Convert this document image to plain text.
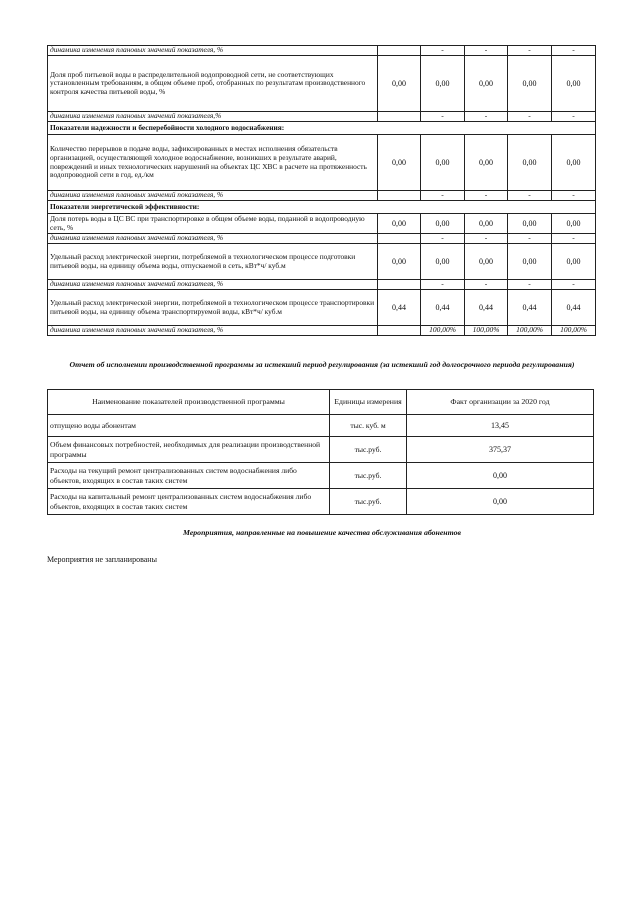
динамика изменения плановых значений показателя, %		-	-	-	-
Доля проб питьевой воды в распределительной водопроводной сети, не соответствующих установленным требованиям, в общем объеме проб, отобранных по результатам производственного контроля качества питьевой воды, %	0,00	0,00	0,00	0,00	0,00
динамика изменения плановых значений показателя,%		-	-	-	-
Показатели надежности и бесперебойности холодного водоснабжения:					
Количество перерывов в подаче воды, зафиксированных в местах исполнения обязательств организацией, осуществляющей холодное водоснабжение, возникших в результате аварий, повреждений и иных технологических нарушений на объектах ЦС ХВС в расчете на протяженность водопроводной сети в год, ед./км	0,00	0,00	0,00	0,00	0,00
динамика изменения плановых значений показателя, %		-	-	-	-
Показатели энергетической эффективности:					
Доля потерь воды в ЦС ВС при транспортировке в общем объеме воды, поданной в водопроводную сеть, %	0,00	0,00	0,00	0,00	0,00
динамика изменения плановых значений показателя, %		-	-	-	-
Удельный расход электрической энергии, потребляемой в технологическом процессе подготовки питьевой воды, на единицу объема воды, отпускаемой в сеть, кВт*ч/ куб.м	0,00	0,00	0,00	0,00	0,00
динамика изменения плановых значений показателя, %		-	-	-	-
Удельный расход электрической энергии, потребляемой в технологическом процессе транспортировки питьевой воды, на единицу объема транспортируемой воды, кВт*ч/ куб.м	0,44	0,44	0,44	0,44	0,44
динамика изменения плановых значений показателя, %		100,00%	100,00%	100,00%	100,00%
Отчет об исполнении производственной программы за истекший период регулирования (за истекший год долгосрочного периода регулирования)
Наименование показателей производственной программы	Единицы измерения	Факт организации за 2020 год
отпущено воды абонентам	тыс. куб. м	13,45
Объем финансовых потребностей, необходимых для реализации производственной программы	тыс.руб.	375,37
Расходы на текущий ремонт централизованных систем водоснабжения либо объектов, входящих в состав таких систем	тыс.руб.	0,00
Расходы на капитальный ремонт централизованных систем водоснабжения либо объектов, входящих в состав таких систем	тыс.руб.	0,00
Мероприятия, направленные на повышение качества обслуживания абонентов
Мероприятия не запланированы
